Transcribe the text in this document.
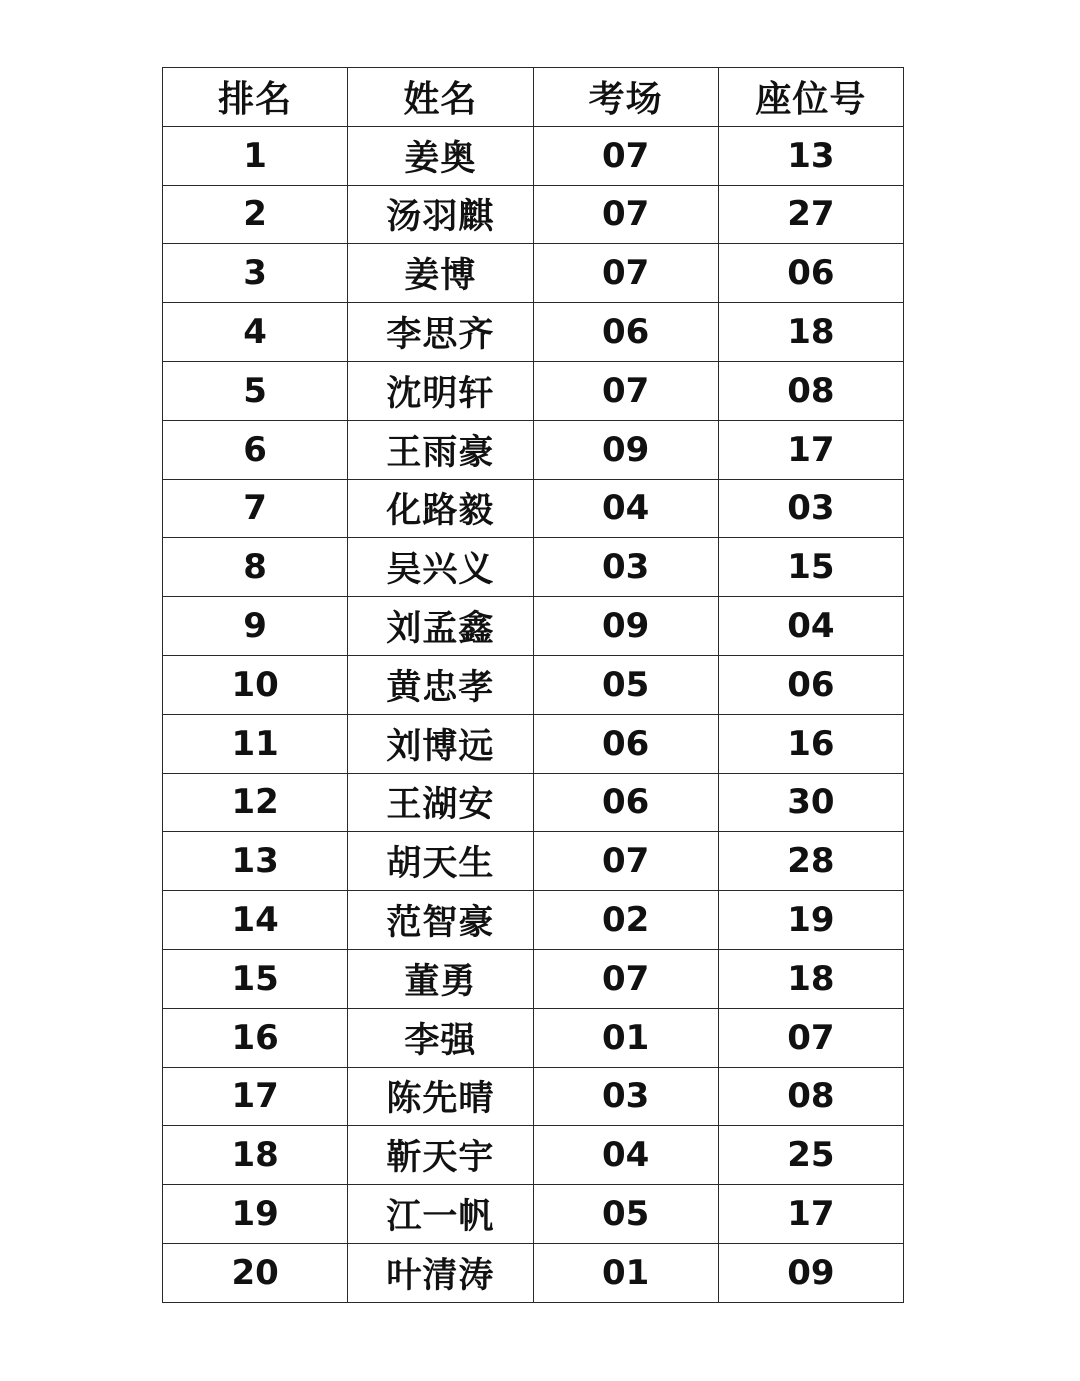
排名	姓名	考场	座位号
1	姜奥	07	13
2	汤羽麒	07	27
3	姜博	07	06
4	李思齐	06	18
5	沈明轩	07	08
6	王雨豪	09	17
7	化路毅	04	03
8	吴兴义	03	15
9	刘孟鑫	09	04
10	黄忠孝	05	06
11	刘博远	06	16
12	王湖安	06	30
13	胡天生	07	28
14	范智豪	02	19
15	董勇	07	18
16	李强	01	07
17	陈先晴	03	08
18	靳天宇	04	25
19	江一帆	05	17
20	叶清涛	01	09
